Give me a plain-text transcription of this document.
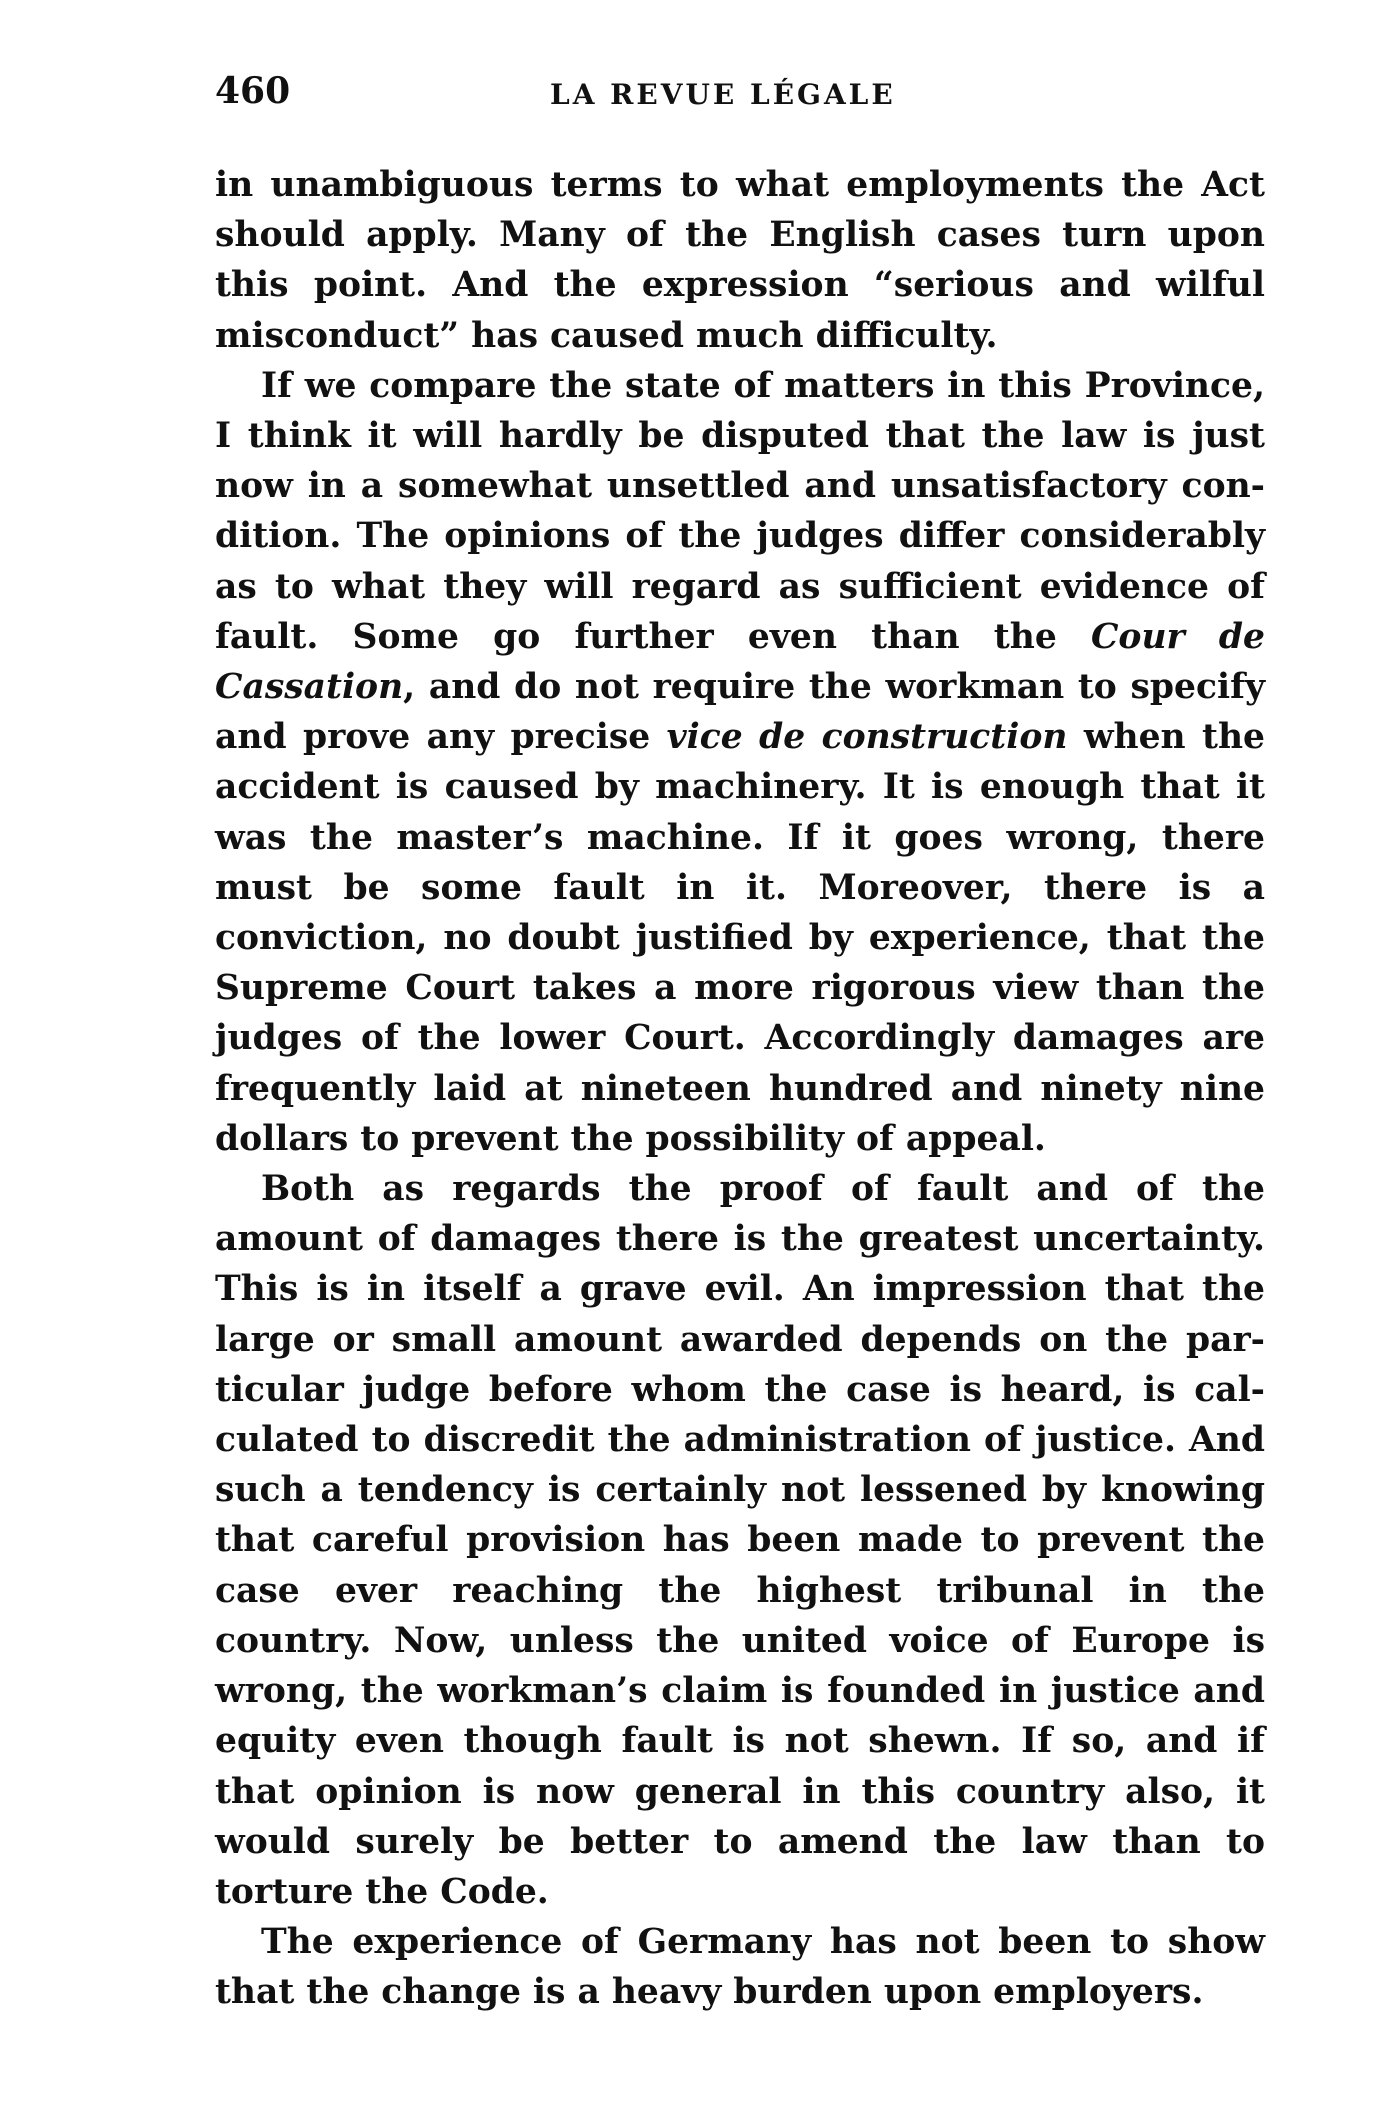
460	LA REVUE LÉGALE

in unambiguous terms to what employments the Act should apply. Many of the English cases turn upon this point. And the expression “serious and wilful misconduct” has caused much difficulty.

If we compare the state of matters in this Province, I think it will hardly be disputed that the law is just now in a somewhat unsettled and unsatisfactory condition. The opinions of the judges differ considerably as to what they will regard as sufficient evidence of fault. Some go further even than the Cour de Cassation, and do not require the workman to specify and prove any precise vice de construction when the accident is caused by machinery. It is enough that it was the master’s machine. If it goes wrong, there must be some fault in it. Moreover, there is a conviction, no doubt justified by experience, that the Supreme Court takes a more rigorous view than the judges of the lower Court. Accordingly damages are frequently laid at nineteen hundred and ninety nine dollars to prevent the possibility of appeal.

Both as regards the proof of fault and of the amount of damages there is the greatest uncertainty. This is in itself a grave evil. An impression that the large or small amount awarded depends on the particular judge before whom the case is heard, is calculated to discredit the administration of justice. And such a tendency is certainly not lessened by knowing that careful provision has been made to prevent the case ever reaching the highest tribunal in the country. Now, unless the united voice of Europe is wrong, the workman’s claim is founded in justice and equity even though fault is not shewn. If so, and if that opinion is now general in this country also, it would surely be better to amend the law than to torture the Code.

The experience of Germany has not been to show that the change is a heavy burden upon employers.
